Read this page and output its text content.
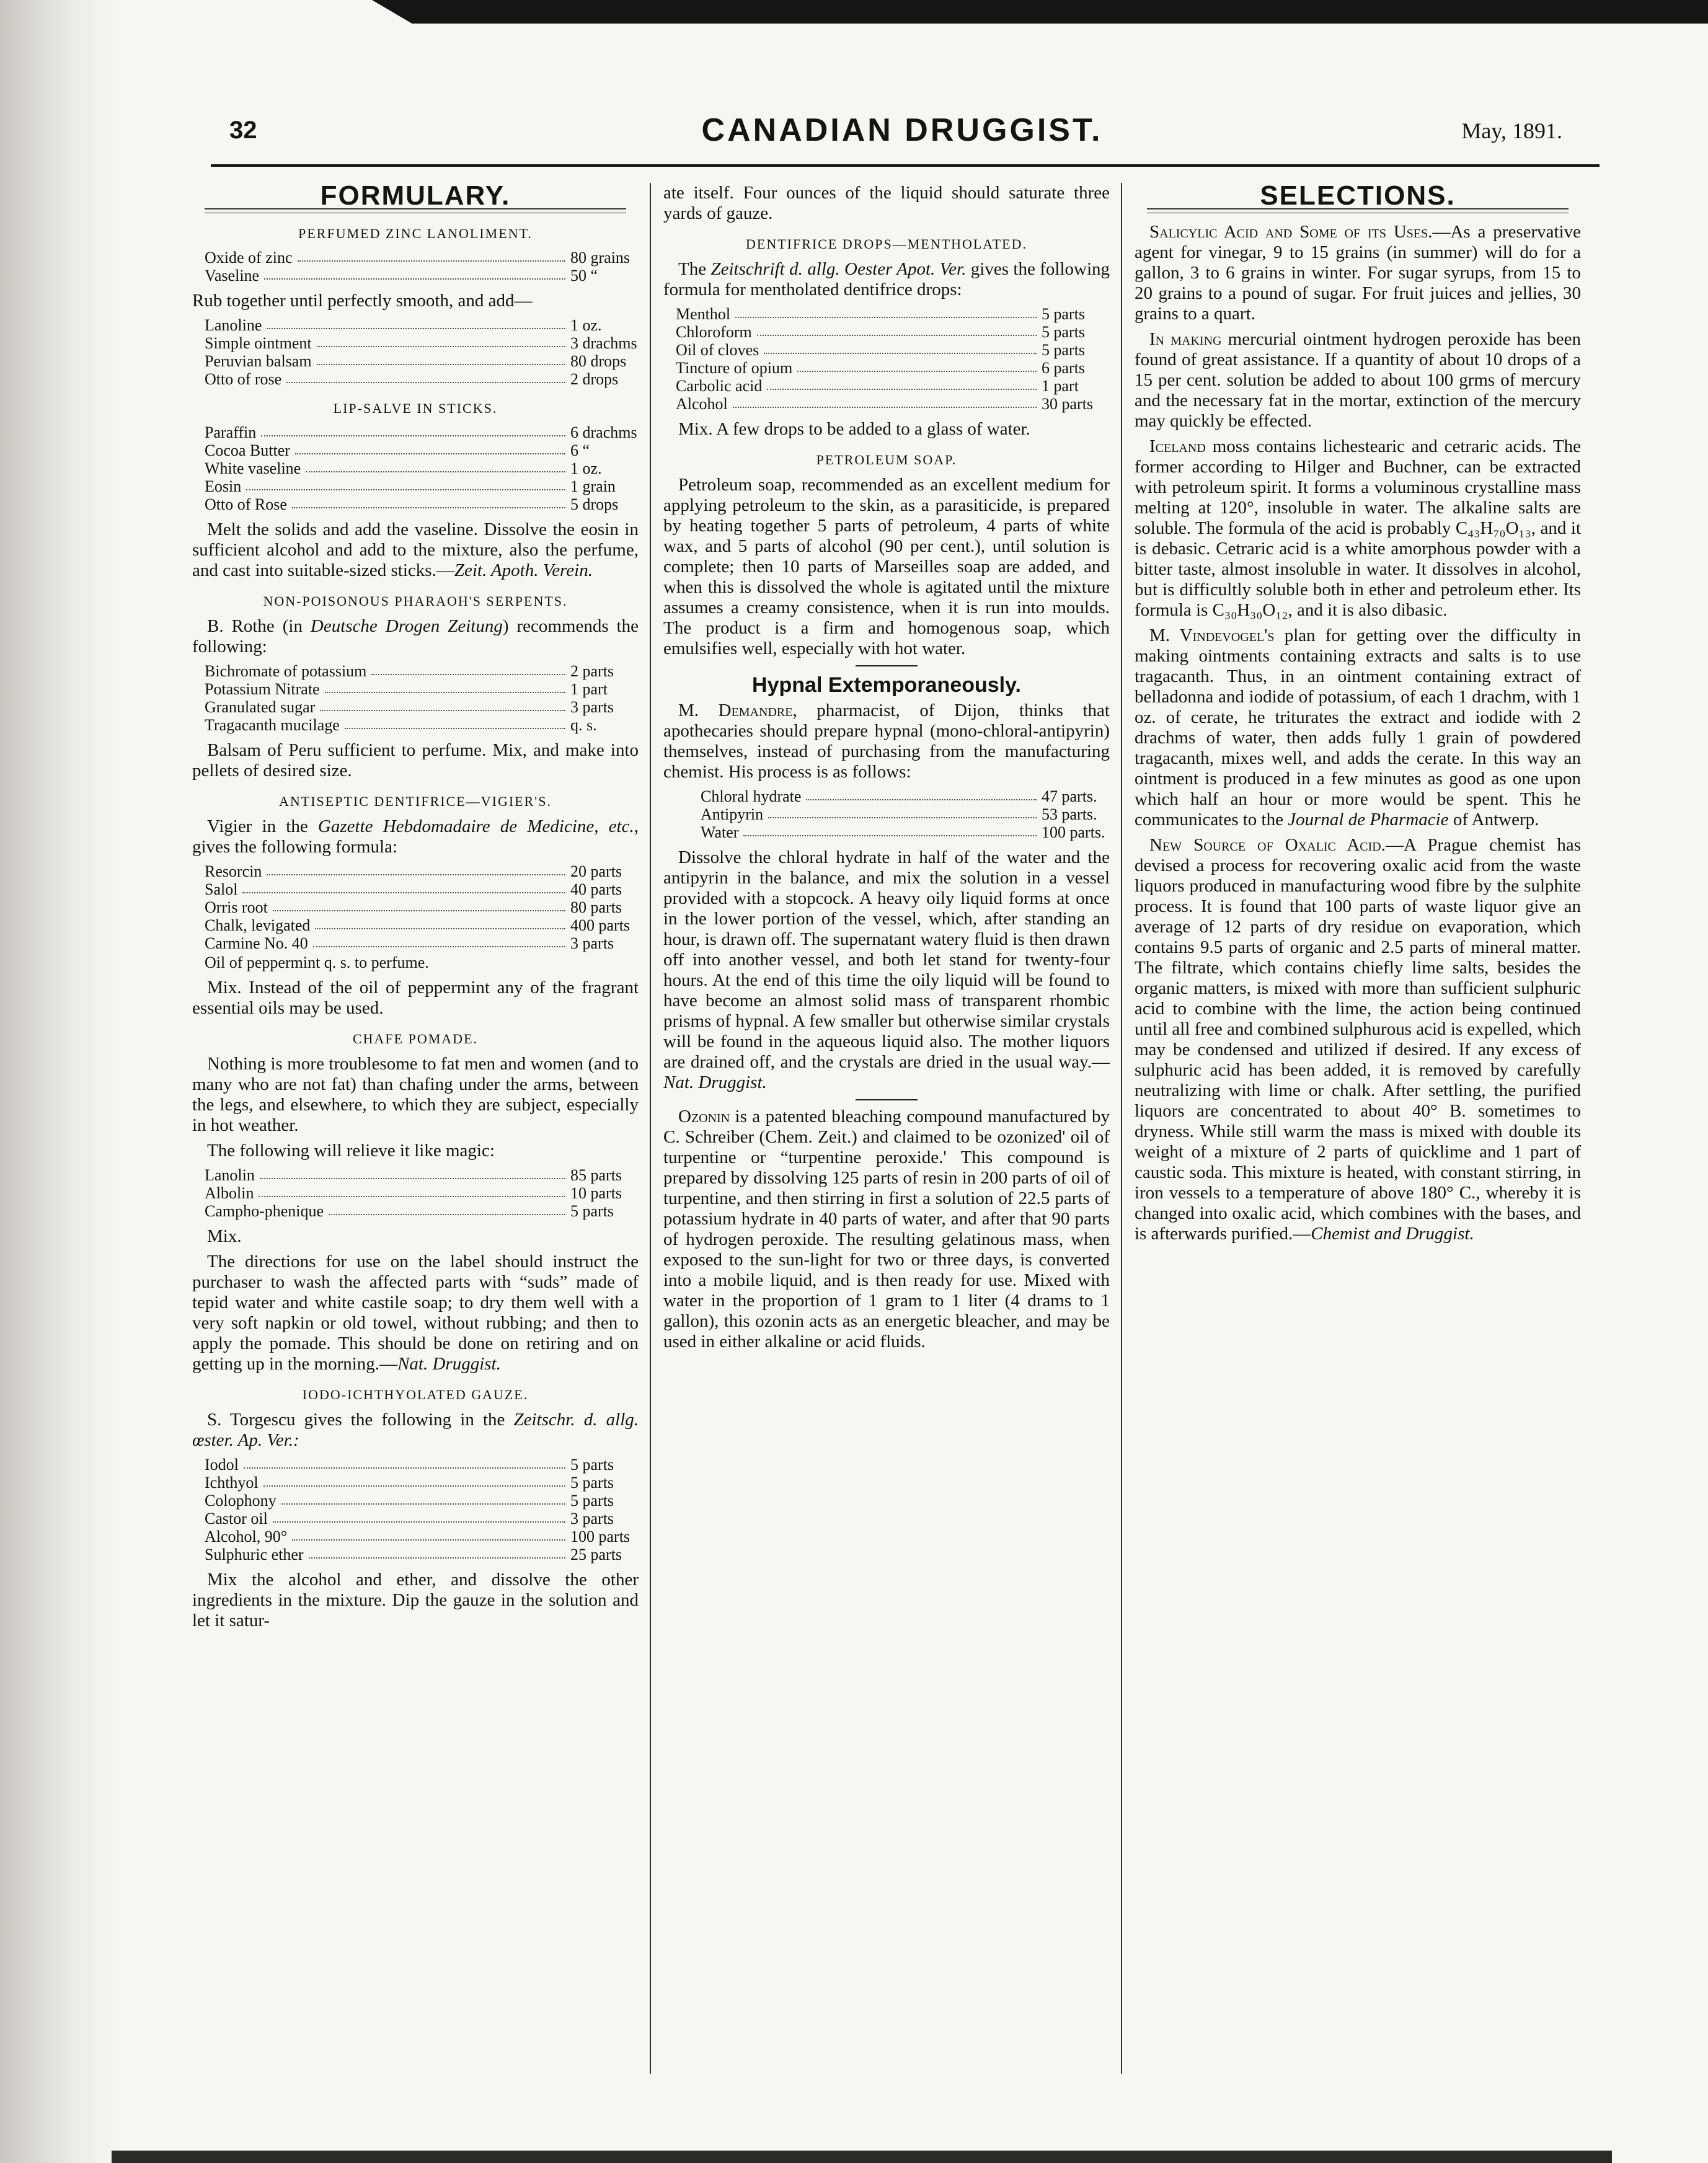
32	CANADIAN DRUGGIST.	May, 1891.
FORMULARY.
PERFUMED ZINC LANOLIMENT.
Oxide of zinc	80 grains
Vaseline	50 “

Rub together until perfectly smooth, and add—

Lanoline	1 oz.
Simple ointment	3 drachms
Peruvian balsam	80 drops
Otto of rose	2 drops
LIP-SALVE IN STICKS.
Paraffin	6 drachms
Cocoa Butter	6 “
White vaseline	1 oz.
Eosin	1 grain
Otto of Rose	5 drops

Melt the solids and add the vaseline. Dissolve the eosin in sufficient alcohol and add to the mixture, also the perfume, and cast into suitable-sized sticks.—Zeit. Apoth. Verein.

NON-POISONOUS PHARAOH'S SERPENTS.

B. Rothe (in Deutsche Drogen Zeitung) recommends the following:

Bichromate of potassium	2 parts
Potassium Nitrate	1 part
Granulated sugar	3 parts
Tragacanth mucilage	q. s.

Balsam of Peru sufficient to perfume. Mix, and make into pellets of desired size.

ANTISEPTIC DENTIFRICE—VIGIER'S.

Vigier in the Gazette Hebdomadaire de Medicine, etc., gives the following formula:

Resorcin	20 parts
Salol	40 parts
Orris root	80 parts
Chalk, levigated	400 parts
Carmine No. 40	3 parts
Oil of peppermint q. s. to perfume.

Mix. Instead of the oil of peppermint any of the fragrant essential oils may be used.

CHAFE POMADE.

Nothing is more troublesome to fat men and women (and to many who are not fat) than chafing under the arms, between the legs, and elsewhere, to which they are subject, especially in hot weather.

The following will relieve it like magic:

Lanolin	85 parts
Albolin	10 parts
Campho-phenique	5 parts

Mix.

The directions for use on the label should instruct the purchaser to wash the affected parts with “suds” made of tepid water and white castile soap; to dry them well with a very soft napkin or old towel, without rubbing; and then to apply the pomade. This should be done on retiring and on getting up in the morning.—Nat. Druggist.

IODO-ICHTHYOLATED GAUZE.

S. Torgescu gives the following in the Zeitschr. d. allg. œster. Ap. Ver.:

Iodol	5 parts
Ichthyol	5 parts
Colophony	5 parts
Castor oil	3 parts
Alcohol, 90°	100 parts
Sulphuric ether	25 parts

Mix the alcohol and ether, and dissolve the other ingredients in the mixture. Dip the gauze in the solution and let it satur-

ate itself. Four ounces of the liquid should saturate three yards of gauze.

DENTIFRICE DROPS—MENTHOLATED.

The Zeitschrift d. allg. Oester Apot. Ver. gives the following formula for mentholated dentifrice drops:

Menthol	5 parts
Chloroform	5 parts
Oil of cloves	5 parts
Tincture of opium	6 parts
Carbolic acid	1 part
Alcohol	30 parts

Mix. A few drops to be added to a glass of water.

PETROLEUM SOAP.

Petroleum soap, recommended as an excellent medium for applying petroleum to the skin, as a parasiticide, is prepared by heating together 5 parts of petroleum, 4 parts of white wax, and 5 parts of alcohol (90 per cent.), until solution is complete; then 10 parts of Marseilles soap are added, and when this is dissolved the whole is agitated until the mixture assumes a creamy consistence, when it is run into moulds. The product is a firm and homogenous soap, which emulsifies well, especially with hot water.

Hypnal Extemporaneously.

M. Demandre, pharmacist, of Dijon, thinks that apothecaries should prepare hypnal (mono-chloral-antipyrin) themselves, instead of purchasing from the manufacturing chemist. His process is as follows:

Chloral hydrate	47 parts.
Antipyrin	53 parts.
Water	100 parts.

Dissolve the chloral hydrate in half of the water and the antipyrin in the balance, and mix the solution in a vessel provided with a stopcock. A heavy oily liquid forms at once in the lower portion of the vessel, which, after standing an hour, is drawn off. The supernatant watery fluid is then drawn off into another vessel, and both let stand for twenty-four hours. At the end of this time the oily liquid will be found to have become an almost solid mass of transparent rhombic prisms of hypnal. A few smaller but otherwise similar crystals will be found in the aqueous liquid also. The mother liquors are drained off, and the crystals are dried in the usual way.—Nat. Druggist.

Ozonin is a patented bleaching compound manufactured by C. Schreiber (Chem. Zeit.) and claimed to be ozonized' oil of turpentine or “turpentine peroxide.' This compound is prepared by dissolving 125 parts of resin in 200 parts of oil of turpentine, and then stirring in first a solution of 22.5 parts of potassium hydrate in 40 parts of water, and after that 90 parts of hydrogen peroxide. The resulting gelatinous mass, when exposed to the sun-light for two or three days, is converted into a mobile liquid, and is then ready for use. Mixed with water in the proportion of 1 gram to 1 liter (4 drams to 1 gallon), this ozonin acts as an energetic bleacher, and may be used in either alkaline or acid fluids.

SELECTIONS.

Salicylic Acid and Some of its Uses.—As a preservative agent for vinegar, 9 to 15 grains (in summer) will do for a gallon, 3 to 6 grains in winter. For sugar syrups, from 15 to 20 grains to a pound of sugar. For fruit juices and jellies, 30 grains to a quart.

In making mercurial ointment hydrogen peroxide has been found of great assistance. If a quantity of about 10 drops of a 15 per cent. solution be added to about 100 grms of mercury and the necessary fat in the mortar, extinction of the mercury may quickly be effected.

Iceland moss contains lichestearic and cetraric acids. The former according to Hilger and Buchner, can be extracted with petroleum spirit. It forms a voluminous crystalline mass melting at 120°, insoluble in water. The alkaline salts are soluble. The formula of the acid is probably C₄₃H₇₀O₁₃, and it is debasic. Cetraric acid is a white amorphous powder with a bitter taste, almost insoluble in water. It dissolves in alcohol, but is difficultly soluble both in ether and petroleum ether. Its formula is C₃₀H₃₀O₁₂, and it is also dibasic.

M. Vindevogel's plan for getting over the difficulty in making ointments containing extracts and salts is to use tragacanth. Thus, in an ointment containing extract of belladonna and iodide of potassium, of each 1 drachm, with 1 oz. of cerate, he triturates the extract and iodide with 2 drachms of water, then adds fully 1 grain of powdered tragacanth, mixes well, and adds the cerate. In this way an ointment is produced in a few minutes as good as one upon which half an hour or more would be spent. This he communicates to the Journal de Pharmacie of Antwerp.

New Source of Oxalic Acid.—A Prague chemist has devised a process for recovering oxalic acid from the waste liquors produced in manufacturing wood fibre by the sulphite process. It is found that 100 parts of waste liquor give an average of 12 parts of dry residue on evaporation, which contains 9.5 parts of organic and 2.5 parts of mineral matter. The filtrate, which contains chiefly lime salts, besides the organic matters, is mixed with more than sufficient sulphuric acid to combine with the lime, the action being continued until all free and combined sulphurous acid is expelled, which may be condensed and utilized if desired. If any excess of sulphuric acid has been added, it is removed by carefully neutralizing with lime or chalk. After settling, the purified liquors are concentrated to about 40° B. sometimes to dryness. While still warm the mass is mixed with double its weight of a mixture of 2 parts of quicklime and 1 part of caustic soda. This mixture is heated, with constant stirring, in iron vessels to a temperature of above 180° C., whereby it is changed into oxalic acid, which combines with the bases, and is afterwards purified.—Chemist and Druggist.
